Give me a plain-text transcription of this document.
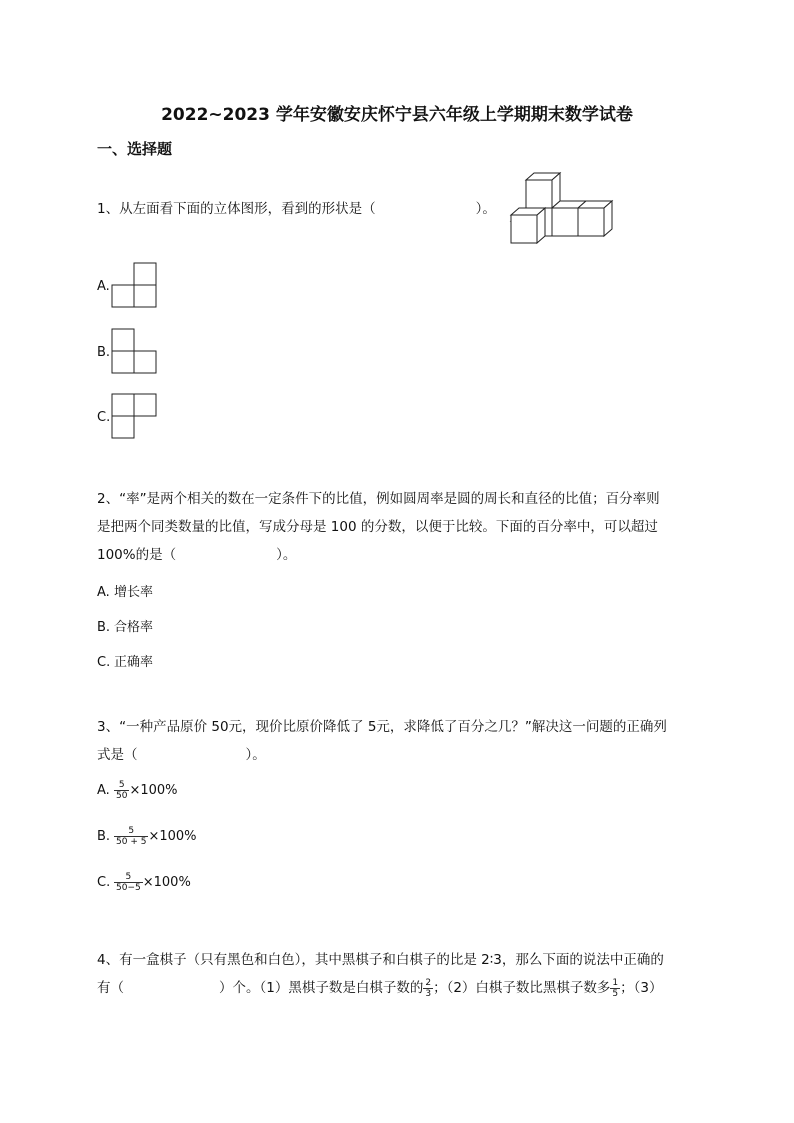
2022~2023 学年安徽安庆怀宁县六年级上学期期末数学试卷
一、选择题
1、从左面看下面的立体图形，看到的形状是（	）。
A.
B.
C.
2、“率”是两个相关的数在一定条件下的比值，例如圆周率是圆的周长和直径的比值；百分率则
是把两个同类数量的比值，写成分母是 100 的分数，以便于比较。下面的百分率中，可以超过
100%的是（	）。
A. 增长率
B. 合格率
C. 正确率
3、“一种产品原价 50元，现价比原价降低了 5元，求降低了百分之几？”解决这一问题的正确列
式是（	）。
A. $\frac{5}{50} \times 100\%$
B. $\frac{5}{50 + 5} \times 100\%$
C. $\frac{5}{50-5} \times 100\%$
4、有一盒棋子（只有黑色和白色），其中黑棋子和白棋子的比是 2∶3，那么下面的说法中正确的
有（	）个。（1）黑棋子数是白棋子数的 $\frac{2}{3}$ ；（2）白棋子数比黑棋子数多 $\frac{1}{5}$ ；（3）
